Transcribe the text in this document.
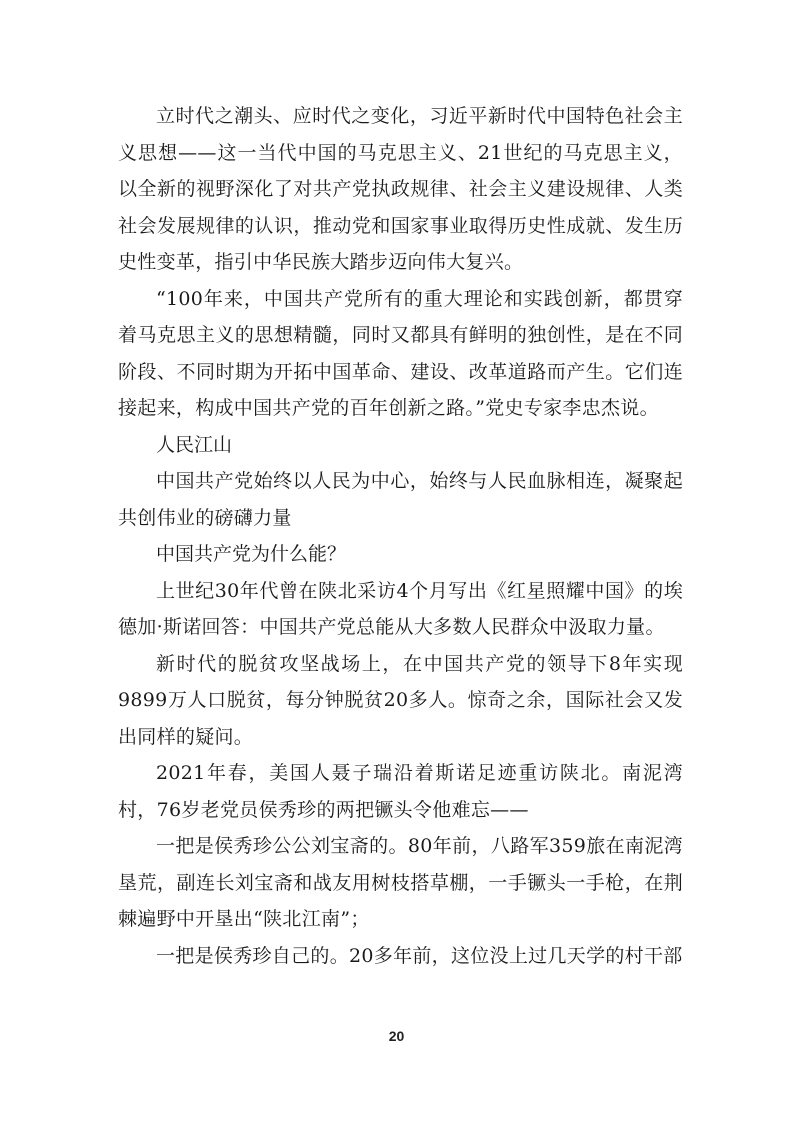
立时代之潮头、应时代之变化，习近平新时代中国特色社会主义思想——这一当代中国的马克思主义、21世纪的马克思主义，以全新的视野深化了对共产党执政规律、社会主义建设规律、人类社会发展规律的认识，推动党和国家事业取得历史性成就、发生历史性变革，指引中华民族大踏步迈向伟大复兴。

“100年来，中国共产党所有的重大理论和实践创新，都贯穿着马克思主义的思想精髓，同时又都具有鲜明的独创性，是在不同阶段、不同时期为开拓中国革命、建设、改革道路而产生。它们连接起来，构成中国共产党的百年创新之路。”党史专家李忠杰说。

人民江山

中国共产党始终以人民为中心，始终与人民血脉相连，凝聚起共创伟业的磅礴力量

中国共产党为什么能？

上世纪30年代曾在陕北采访4个月写出《红星照耀中国》的埃德加·斯诺回答：中国共产党总能从大多数人民群众中汲取力量。

新时代的脱贫攻坚战场上，在中国共产党的领导下8年实现9899万人口脱贫，每分钟脱贫20多人。惊奇之余，国际社会又发出同样的疑问。

2021年春，美国人聂子瑞沿着斯诺足迹重访陕北。南泥湾村，76岁老党员侯秀珍的两把镢头令他难忘——

一把是侯秀珍公公刘宝斋的。80年前，八路军359旅在南泥湾垦荒，副连长刘宝斋和战友用树枝搭草棚，一手镢头一手枪，在荆棘遍野中开垦出“陕北江南”；

一把是侯秀珍自己的。20多年前，这位没上过几天学的村干部

20
